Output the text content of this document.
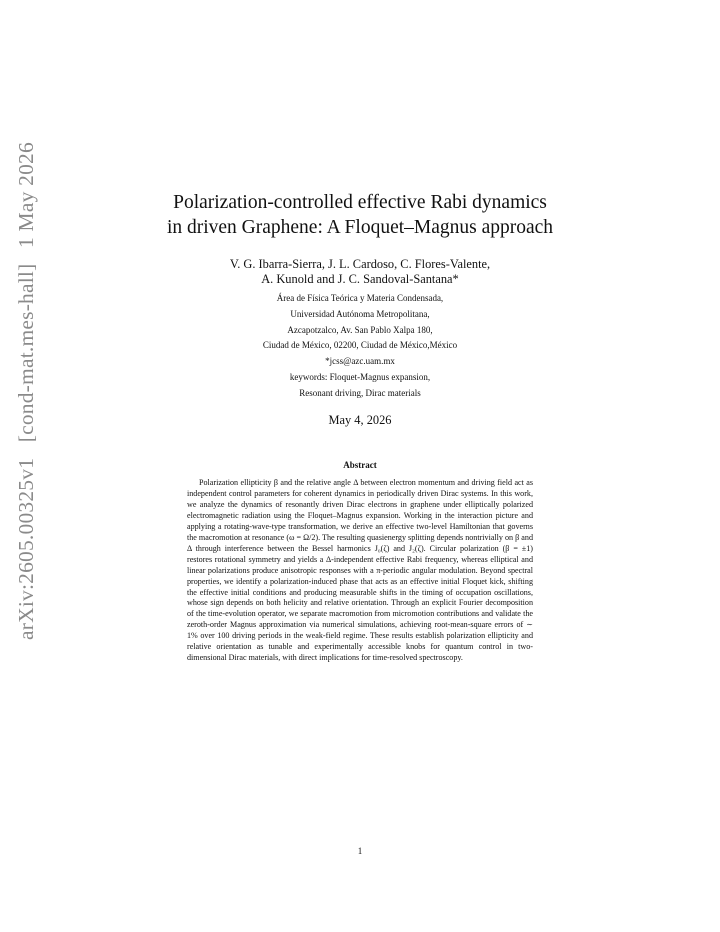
arXiv:2605.00325v1 [cond-mat.mes-hall] 1 May 2026	Polarization-controlled effective Rabi dynamics
in driven Graphene: A Floquet–Magnus approach
V. G. Ibarra-Sierra, J. L. Cardoso, C. Flores-Valente,
A. Kunold and J. C. Sandoval-Santana*
Área de Física Teórica y Materia Condensada,
Universidad Autónoma Metropolitana,
Azcapotzalco, Av. San Pablo Xalpa 180,
Ciudad de México, 02200, Ciudad de México,México
*jcss@azc.uam.mx
keywords: Floquet-Magnus expansion,
Resonant driving, Dirac materials
May 4, 2026
Abstract

Polarization ellipticity β and the relative angle Δ between electron momentum and driving field act as independent control parameters for coherent dynamics in periodically driven Dirac systems. In this work, we analyze the dynamics of resonantly driven Dirac electrons in graphene under elliptically polarized electromagnetic radiation using the Floquet–Magnus expansion. Working in the interaction picture and applying a rotating-wave-type transformation, we derive an effective two-level Hamiltonian that governs the macromotion at resonance (ω = Ω/2). The resulting quasienergy splitting depends nontrivially on β and Δ through interference between the Bessel harmonics J₀(ζ) and J₂(ζ). Circular polarization (β = ±1) restores rotational symmetry and yields a Δ-independent effective Rabi frequency, whereas elliptical and linear polarizations produce anisotropic responses with a π-periodic angular modulation. Beyond spectral properties, we identify a polarization-induced phase that acts as an effective initial Floquet kick, shifting the effective initial conditions and producing measurable shifts in the timing of occupation oscillations, whose sign depends on both helicity and relative orientation. Through an explicit Fourier decomposition of the time-evolution operator, we separate macromotion from micromotion contributions and validate the zeroth-order Magnus approximation via numerical simulations, achieving root-mean-square errors of ∼ 1% over 100 driving periods in the weak-field regime. These results establish polarization ellipticity and relative orientation as tunable and experimentally accessible knobs for quantum control in two-dimensional Dirac materials, with direct implications for time-resolved spectroscopy.

1
